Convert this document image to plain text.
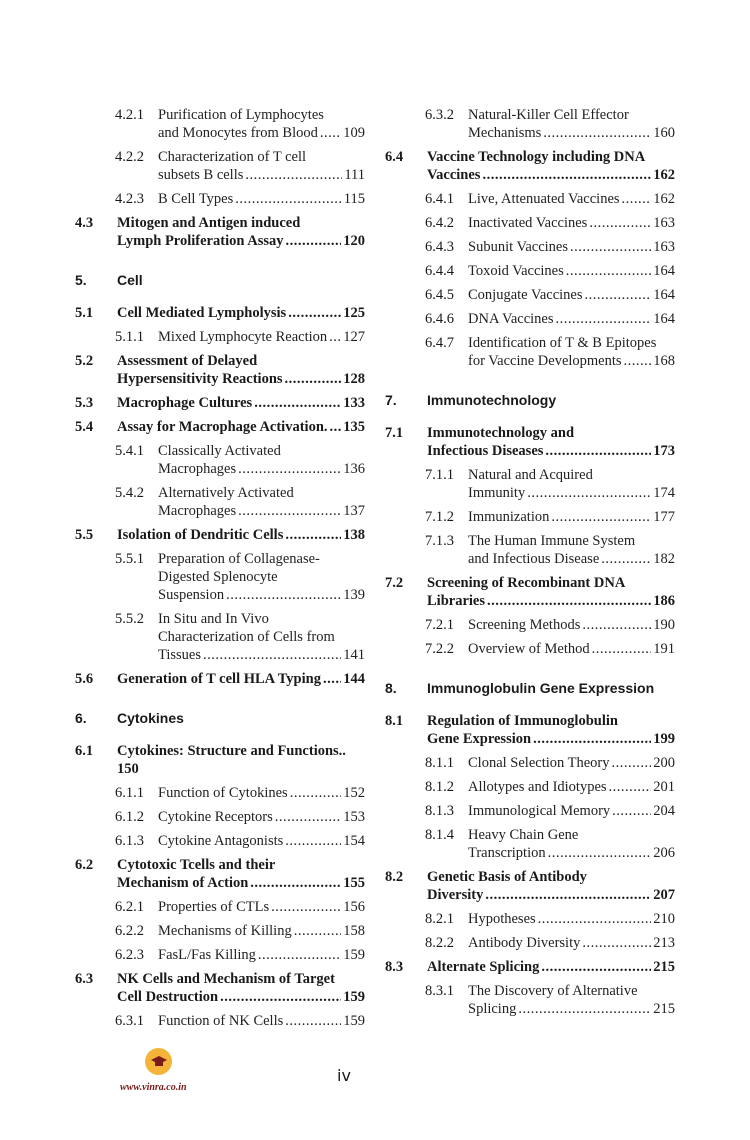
4.2.1 Purification of Lymphocytes
and Monocytes from Blood ..... 109
4.2.2 Characterization of T cell
subsets B cells .....	111
4.2.3 B Cell Types .....	115
4.3	Mitogen and Antigen induced
Lymph Proliferation Assay .....	120
5.	Cell
5.1	Cell Mediated Lympholysis .....	125
5.1.1 Mixed Lymphocyte Reaction ..... 127
5.2	Assessment of Delayed
Hypersensitivity Reactions .....	128
5.3	Macrophage Cultures .....	133
5.4	Assay for Macrophage Activation. ..... 135
5.4.1 Classically Activated
Macrophages .....	136
5.4.2 Alternatively Activated
Macrophages .....	137
5.5	Isolation of Dendritic Cells .....	138
5.5.1 Preparation of Collagenase-
Digested Splenocyte
Suspension .....	139
5.5.2 In Situ and In Vivo
Characterization of Cells from
Tissues .....	141
5.6	Generation of T cell HLA Typing ..... 144
6.	Cytokines
6.1	Cytokines: Structure and Functions..
150
6.1.1 Function of Cytokines .....	152
6.1.2 Cytokine Receptors .....	153
6.1.3 Cytokine Antagonists .....	154
6.2	Cytotoxic Tcells and their
Mechanism of Action .....	155
6.2.1 Properties of CTLs .....	156
6.2.2 Mechanisms of Killing .....	158
6.2.3 FasL/Fas Killing .....	159
6.3	NK Cells and Mechanism of Target
Cell Destruction .....	159
6.3.1 Function of NK Cells .....	159
6.3.2 Natural-Killer Cell Effector
Mechanisms .....	160
6.4	Vaccine Technology including DNA
Vaccines .....	162
6.4.1 Live, Attenuated Vaccines ..... 162
6.4.2 Inactivated Vaccines .....	163
6.4.3 Subunit Vaccines .....	163
6.4.4 Toxoid Vaccines .....	164
6.4.5 Conjugate Vaccines .....	164
6.4.6 DNA Vaccines .....	164
6.4.7 Identification of T & B Epitopes
for Vaccine Developments ..... 168
7.	Immunotechnology
7.1	Immunotechnology and
Infectious Diseases .....	173
7.1.1 Natural and Acquired
Immunity .....	174
7.1.2 Immunization .....	177
7.1.3 The Human Immune System
and Infectious Disease .....	182
7.2	Screening of Recombinant DNA
Libraries .....	186
7.2.1 Screening Methods .....	190
7.2.2 Overview of Method .....	191
8.	Immunoglobulin Gene Expression
8.1	Regulation of Immunoglobulin
Gene Expression .....	199
8.1.1 Clonal Selection Theory .....	200
8.1.2 Allotypes and Idiotypes .....	201
8.1.3 Immunological Memory .....	204
8.1.4 Heavy Chain Gene
Transcription .....	206
8.2	Genetic Basis of Antibody
Diversity .....	207
8.2.1 Hypotheses .....	210
8.2.2 Antibody Diversity .....	213
8.3	Alternate Splicing .....	215
8.3.1 The Discovery of Alternative
Splicing .....	215
www.vinra.co.in
iv
